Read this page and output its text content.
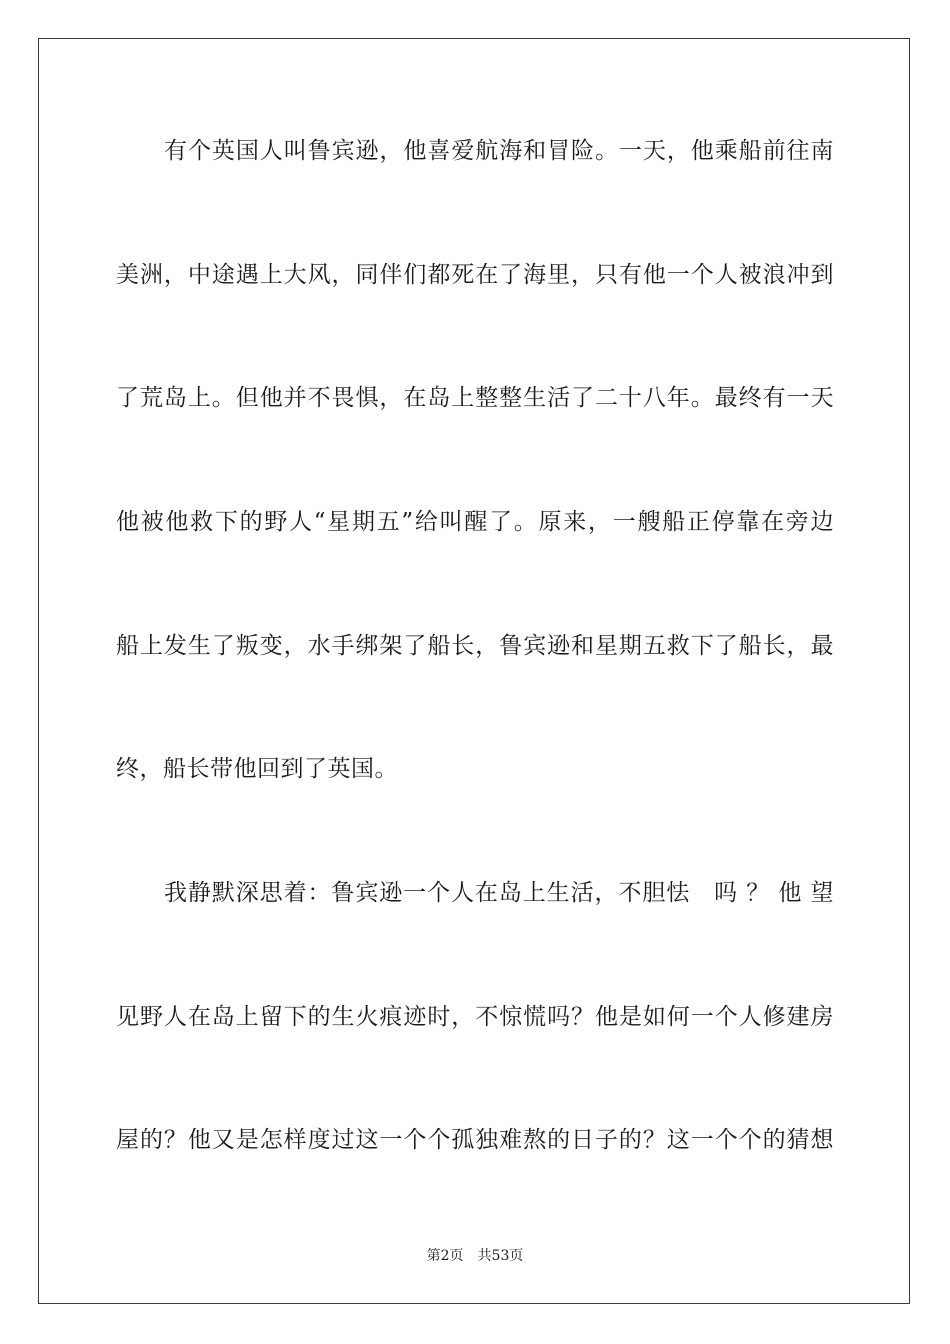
有个英国人叫鲁宾逊，他喜爱航海和冒险。一天，他乘船前往南

美洲，中途遇上大风，同伴们都死在了海里，只有他一个人被浪冲到

了荒岛上。但他并不畏惧，在岛上整整生活了二十八年。最终有一天

他被他救下的野人“星期五”给叫醒了。原来，一艘船正停靠在旁边

船上发生了叛变，水手绑架了船长，鲁宾逊和星期五救下了船长，最

终，船长带他回到了英国。

我静默深思着：鲁宾逊一个人在岛上生活，不胆怯　吗 ？ 他 望

见野人在岛上留下的生火痕迹时，不惊慌吗？他是如何一个人修建房

屋的？他又是怎样度过这一个个孤独难熬的日子的？这一个个的猜想

第2页 共53页
